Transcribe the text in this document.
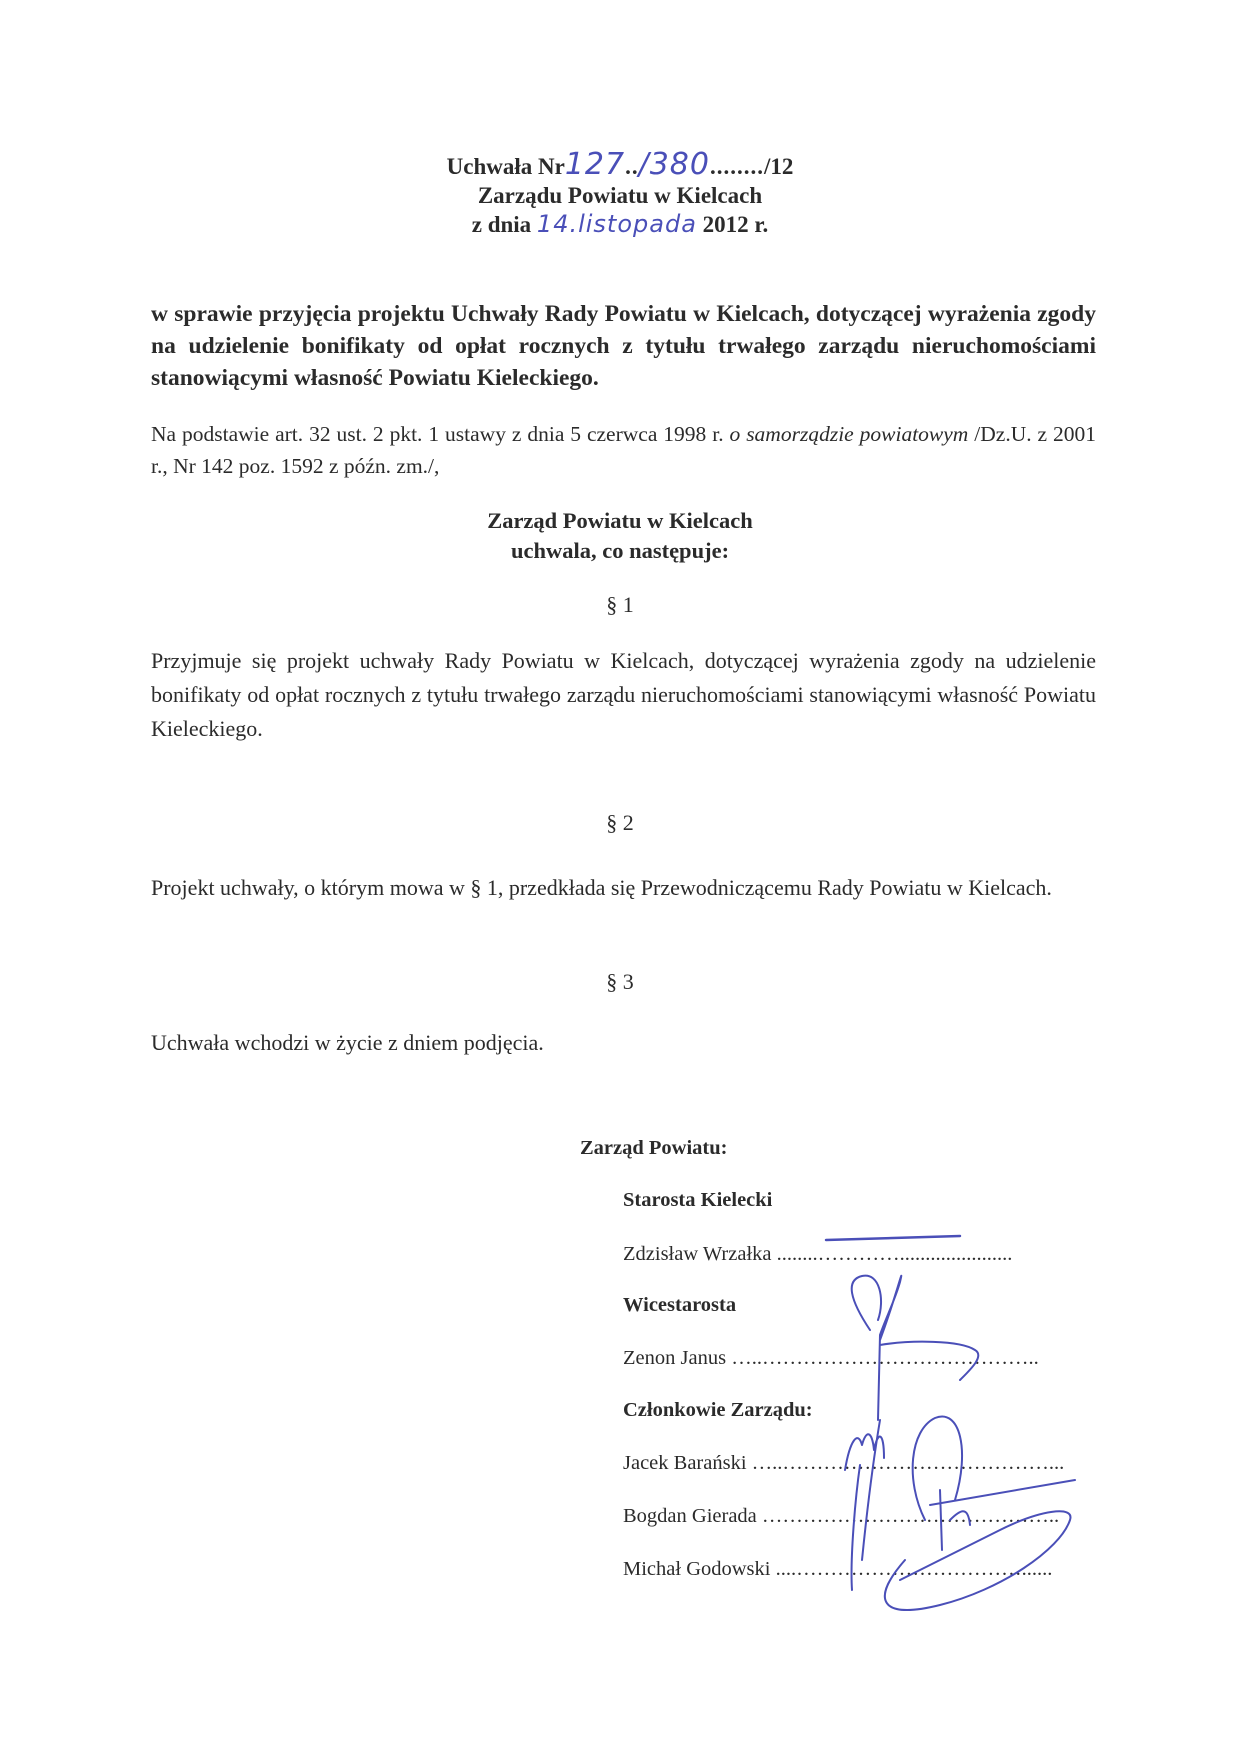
Uchwała Nr127../380......../12
Zarządu Powiatu w Kielcach
z dnia 14.listopada 2012 r.
w sprawie przyjęcia projektu Uchwały Rady Powiatu w Kielcach, dotyczącej wyrażenia zgody na udzielenie bonifikaty od opłat rocznych z tytułu trwałego zarządu nieruchomościami stanowiącymi własność Powiatu Kieleckiego.
Na podstawie art. 32 ust. 2 pkt. 1 ustawy z dnia 5 czerwca 1998 r. o samorządzie powiatowym /Dz.U. z 2001 r., Nr 142 poz. 1592 z późn. zm./,
Zarząd Powiatu w Kielcach
uchwala, co następuje:
§ 1
Przyjmuje się projekt uchwały Rady Powiatu w Kielcach, dotyczącej wyrażenia zgody na udzielenie bonifikaty od opłat rocznych z tytułu trwałego zarządu nieruchomościami stanowiącymi własność Powiatu Kieleckiego.
§ 2
Projekt uchwały, o którym mowa w § 1, przedkłada się Przewodniczącemu Rady Powiatu w Kielcach.
§ 3
Uchwała wchodzi w życie z dniem podjęcia.
Zarząd Powiatu:
Starosta Kielecki
Zdzisław Wrzałka ........…………......................
Wicestarosta
Zenon Janus …..…………………………………..
Członkowie Zarządu:
Jacek Barański …..…………………………………...
Bogdan Gierada ……………………………………..
Michał Godowski ....……………………………......
